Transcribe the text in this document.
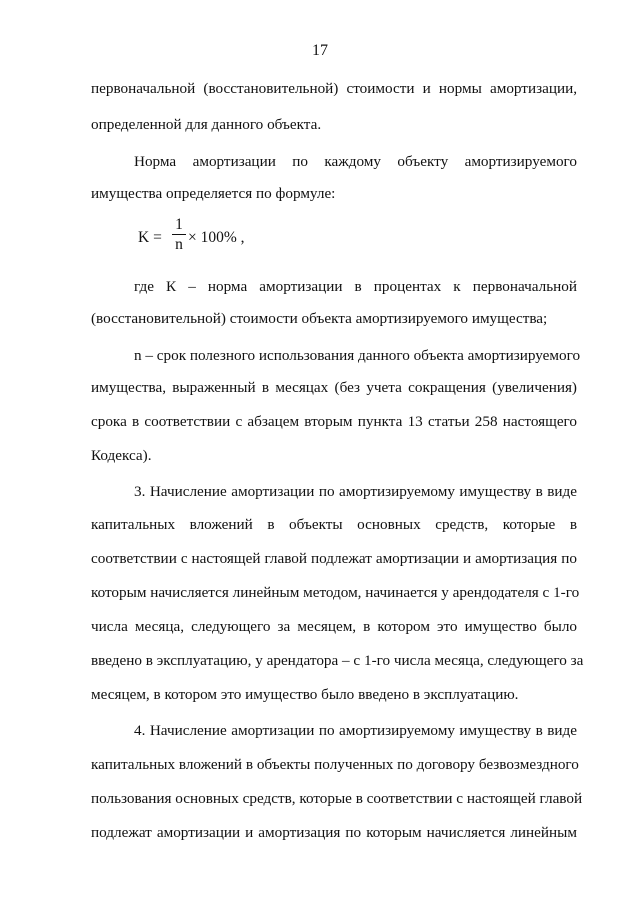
17
первоначальной (восстановительной) стоимости и нормы амортизации,
определенной для данного объекта.
Норма амортизации по каждому объекту амортизируемого
имущества определяется по формуле:
K =
1
n × 100% ,
где К – норма амортизации в процентах к первоначальной
(восстановительной) стоимости объекта амортизируемого имущества;
n – срок полезного использования данного объекта амортизируемого
имущества, выраженный в месяцах (без учета сокращения (увеличения)
срока в соответствии с абзацем вторым пункта 13 статьи 258 настоящего
Кодекса).
3. Начисление амортизации по амортизируемому имуществу в виде
капитальных вложений в объекты основных средств, которые в
соответствии с настоящей главой подлежат амортизации и амортизация по
которым начисляется линейным методом, начинается у арендодателя с 1-го
числа месяца, следующего за месяцем, в котором это имущество было
введено в эксплуатацию, у арендатора – с 1-го числа месяца, следующего за
месяцем, в котором это имущество было введено в эксплуатацию.
4. Начисление амортизации по амортизируемому имуществу в виде
капитальных вложений в объекты полученных по договору безвозмездного
пользования основных средств, которые в соответствии с настоящей главой
подлежат амортизации и амортизация по которым начисляется линейным
